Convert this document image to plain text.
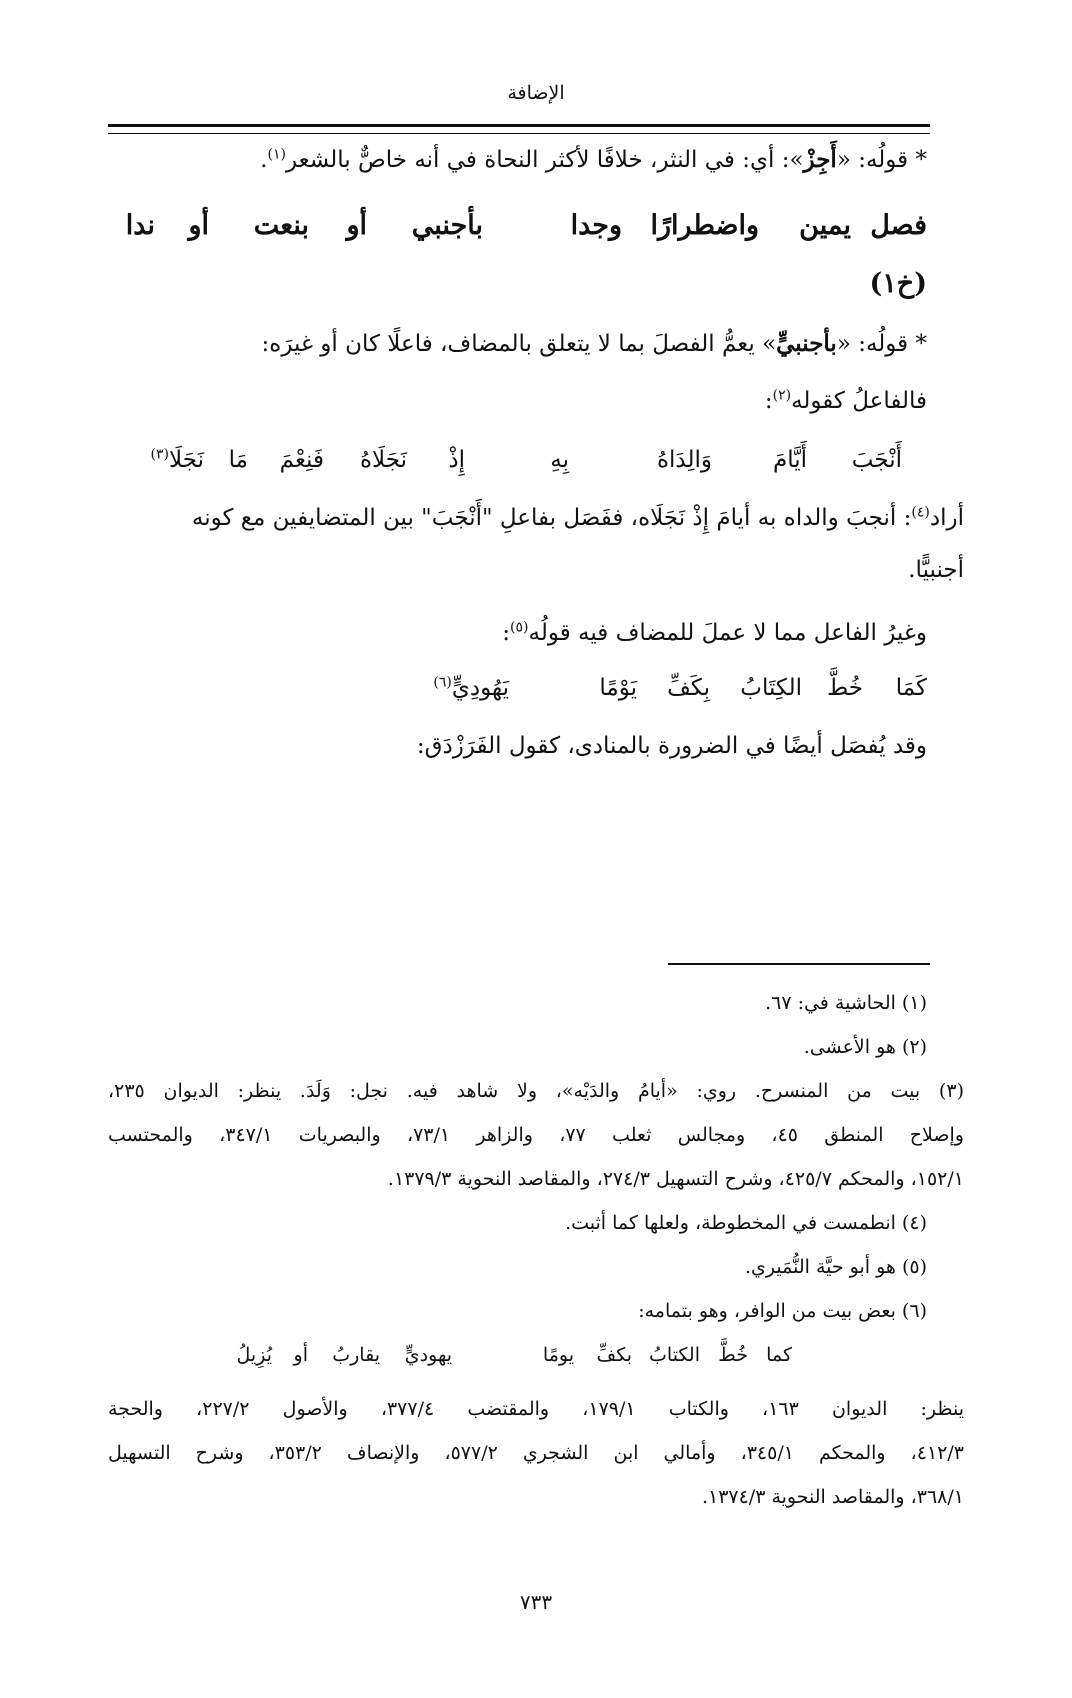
الإضافة
* قولُه: «أَجِزْ»: أي: في النثر، خلافًا لأكثر النحاة في أنه خاصٌّ بالشعر$^{(١)}$.
فصل
يمين
واضطرارًا
وجدا
بأجنبي
أو
بنعت
أو
ندا
(خ١)
* قولُه: «بأجنبيٍّ» يعمُّ الفصلَ بما لا يتعلق بالمضاف، فاعلًا كان أو غيرَه:
فالفاعلُ كقوله$^{(٢)}$:
أَنْجَبَ
أَيَّامَ
وَالِدَاهُ
بِهِ
إِذْ
نَجَلَاهُ
فَنِعْمَ
مَا
نَجَلَا$^{(٣)}$
أراد$^{(٤)}$: أنجبَ والداه به أيامَ إِذْ نَجَلَاه، ففَصَل بفاعلِ "أَنْجَبَ" بين المتضايفين مع كونه
أجنبيًّا.
وغيرُ الفاعل مما لا عملَ للمضاف فيه قولُه$^{(٥)}$:
كَمَا
خُطَّ
الكِتَابُ
بِكَفِّ
يَوْمًا
يَهُودِيٍّ$^{(٦)}$
وقد يُفصَل أيضًا في الضرورة بالمنادى، كقول الفَرَزْدَق:
(١) الحاشية في: ٦٧.
(٢) هو الأعشى.
(٣) بيت من المنسرح. روي: «أيامُ والدَيْه»، ولا شاهد فيه. نجل: وَلَدَ. ينظر: الديوان ٢٣٥،
وإصلاح المنطق ٤٥، ومجالس ثعلب ٧٧، والزاهر ٧٣/١، والبصريات ٣٤٧/١، والمحتسب
١٥٢/١، والمحكم ٤٢٥/٧، وشرح التسهيل ٢٧٤/٣، والمقاصد النحوية ١٣٧٩/٣.
(٤) انطمست في المخطوطة، ولعلها كما أثبت.
(٥) هو أبو حيَّة النُّمَيري.
(٦) بعض بيت من الوافر، وهو بتمامه:
كما
خُطَّ
الكتابُ
بكفِّ
يومًا
يهوديٍّ
يقاربُ
أو
يُزِيلُ
ينظر: الديوان ١٦٣، والكتاب ١٧٩/١، والمقتضب ٣٧٧/٤، والأصول ٢٢٧/٢، والحجة
٤١٢/٣، والمحكم ٣٤٥/١، وأمالي ابن الشجري ٥٧٧/٢، والإنصاف ٣٥٣/٢، وشرح التسهيل
٣٦٨/١، والمقاصد النحوية ١٣٧٤/٣.
٧٣٣
